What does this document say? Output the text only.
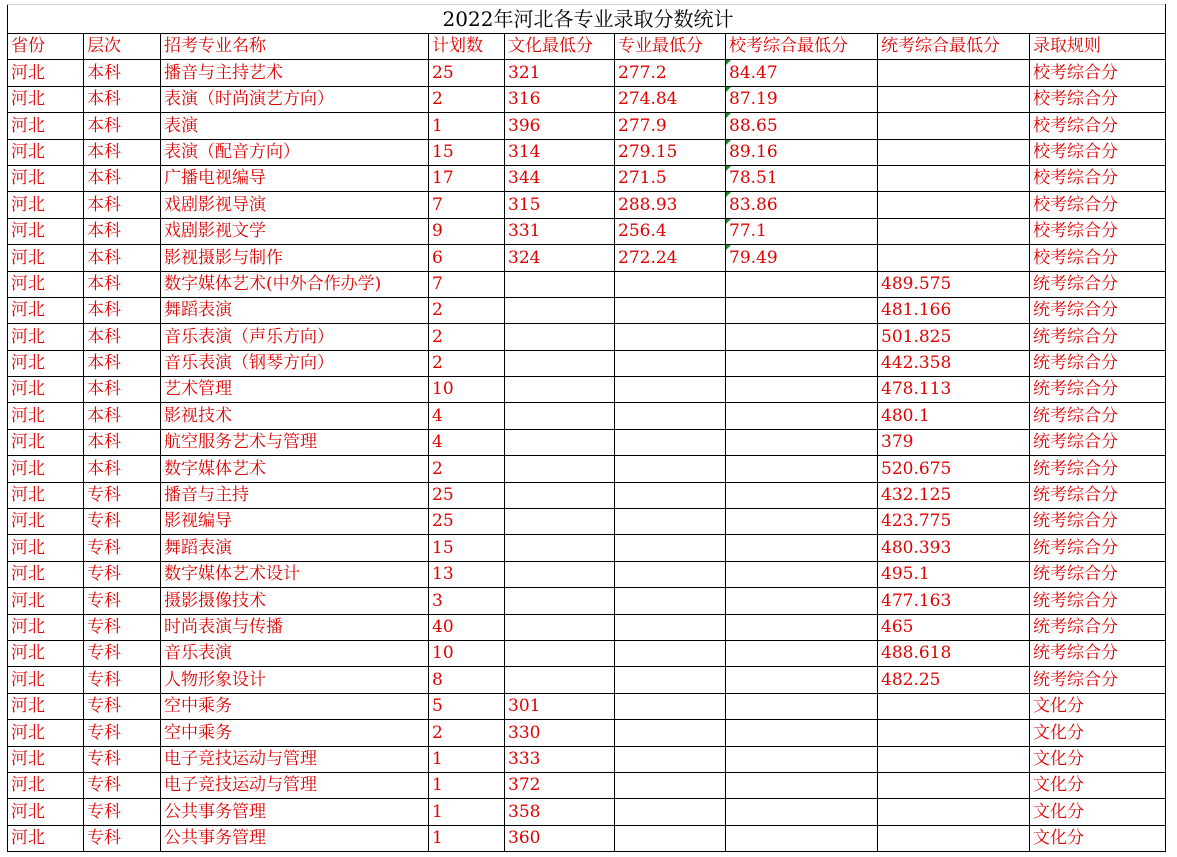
2022年河北各专业录取分数统计								
省份	层次	招考专业名称	计划数	文化最低分	专业最低分	校考综合最低分	统考综合最低分	录取规则
河北	本科	播音与主持艺术	25	321	277.2	84.47		校考综合分
河北	本科	表演（时尚演艺方向）	2	316	274.84	87.19		校考综合分
河北	本科	表演	1	396	277.9	88.65		校考综合分
河北	本科	表演（配音方向）	15	314	279.15	89.16		校考综合分
河北	本科	广播电视编导	17	344	271.5	78.51		校考综合分
河北	本科	戏剧影视导演	7	315	288.93	83.86		校考综合分
河北	本科	戏剧影视文学	9	331	256.4	77.1		校考综合分
河北	本科	影视摄影与制作	6	324	272.24	79.49		校考综合分
河北	本科	数字媒体艺术(中外合作办学)	7				489.575	统考综合分
河北	本科	舞蹈表演	2				481.166	统考综合分
河北	本科	音乐表演（声乐方向）	2				501.825	统考综合分
河北	本科	音乐表演（钢琴方向）	2				442.358	统考综合分
河北	本科	艺术管理	10				478.113	统考综合分
河北	本科	影视技术	4				480.1	统考综合分
河北	本科	航空服务艺术与管理	4				379	统考综合分
河北	本科	数字媒体艺术	2				520.675	统考综合分
河北	专科	播音与主持	25				432.125	统考综合分
河北	专科	影视编导	25				423.775	统考综合分
河北	专科	舞蹈表演	15				480.393	统考综合分
河北	专科	数字媒体艺术设计	13				495.1	统考综合分
河北	专科	摄影摄像技术	3				477.163	统考综合分
河北	专科	时尚表演与传播	40				465	统考综合分
河北	专科	音乐表演	10				488.618	统考综合分
河北	专科	人物形象设计	8				482.25	统考综合分
河北	专科	空中乘务	5	301				文化分
河北	专科	空中乘务	2	330				文化分
河北	专科	电子竞技运动与管理	1	333				文化分
河北	专科	电子竞技运动与管理	1	372				文化分
河北	专科	公共事务管理	1	358				文化分
河北	专科	公共事务管理	1	360				文化分
